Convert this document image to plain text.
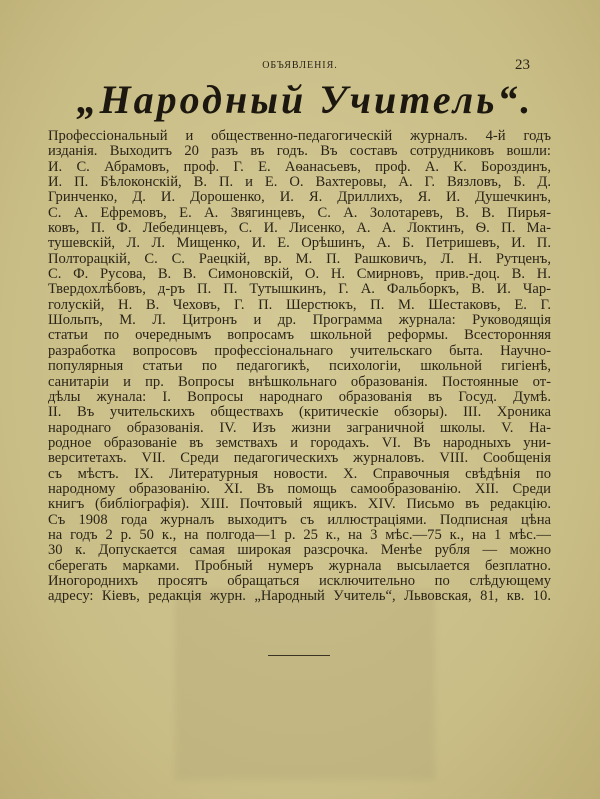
ОБЪЯВЛЕНІЯ.	23
„Народный Учитель“.
Профессіональный и общественно-педагогическій журналъ. 4-й годъ
изданія. Выходитъ 20 разъ въ годъ. Въ составъ сотрудниковъ вошли:
И. С. Абрамовъ, проф. Г. Е. Аѳанасьевъ, проф. А. К. Бороздинъ,
И. П. Бѣлоконскій, В. П. и Е. О. Вахтеровы, А. Г. Вязловъ, Б. Д.
Гринченко, Д. И. Дорошенко, И. Я. Дриллихъ, Я. И. Душечкинъ,
С. А. Ефремовъ, Е. А. Звягинцевъ, С. А. Золотаревъ, В. В. Пирья-
ковъ, П. Ф. Лебединцевъ, С. И. Лисенко, А. А. Локтинъ, Ѳ. П. Ма-
тушевскій, Л. Л. Мищенко, И. Е. Орѣшинъ, А. Б. Петришевъ, И. П.
Полторацкій, С. С. Раецкій, вр. М. П. Рашковичъ, Л. Н. Рутценъ,
С. Ф. Русова, В. В. Симоновскій, О. Н. Смирновъ, прив.-доц. В. Н.
Твердохлѣбовъ, д-ръ П. П. Тутышкинъ, Г. А. Фальборкъ, В. И. Чар-
голускій, Н. В. Чеховъ, Г. П. Шерстюкъ, П. М. Шестаковъ, Е. Г.
Шольпъ, М. Л. Цитронъ и др. Программа журнала: Руководящія
статьи по очереднымъ вопросамъ школьной реформы. Всесторонняя
разработка вопросовъ профессіональнаго учительскаго быта. Научно-
популярныя статьи по педагогикѣ, психологіи, школьной гигіенѣ,
санитаріи и пр. Вопросы внѣшкольнаго образованія. Постоянные от-
дѣлы жунала: I. Вопросы народнаго образованія въ Госуд. Думѣ.
II. Въ учительскихъ обществахъ (критическіе обзоры). III. Хроника
народнаго образованія. IV. Изъ жизни заграничной школы. V. На-
родное образованіе въ земствахъ и городахъ. VI. Въ народныхъ уни-
верситетахъ. VII. Среди педагогическихъ журналовъ. VIII. Сообщенія
съ мѣстъ. IX. Литературныя новости. X. Справочныя свѣдѣнія по
народному образованію. XI. Въ помощь самообразованію. XII. Среди
книгъ (библіографія). XIII. Почтовый ящикъ. XIV. Письмо въ редакцію.
Съ 1908 года журналъ выходитъ съ иллюстраціями. Подписная цѣна
на годъ 2 р. 50 к., на полгода—1 р. 25 к., на 3 мѣс.—75 к., на 1 мѣс.—
30 к. Допускается самая широкая разсрочка. Менѣе рубля — можно
сберегать марками. Пробный нумеръ журнала высылается безплатно.
Иногороднихъ просятъ обращаться исключительно по слѣдующему
адресу: Кіевъ, редакція журн. „Народный Учитель“, Львовская, 81, кв. 10.
